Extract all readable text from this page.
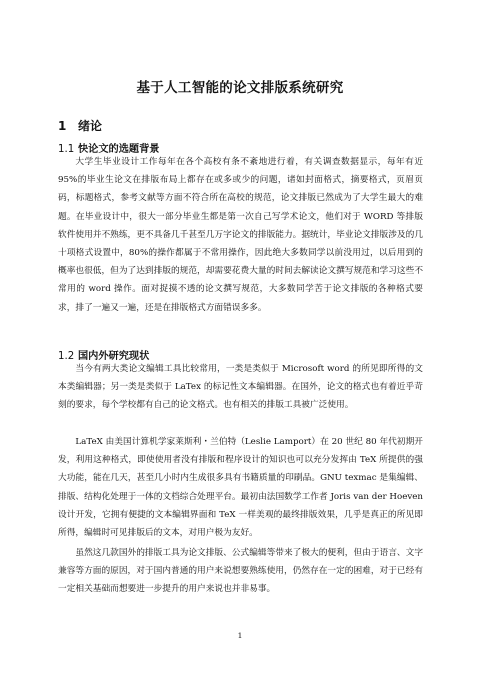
基于人工智能的论文排版系统研究
1 绪论
1.1 快论文的选题背景

大学生毕业设计工作每年在各个高校有条不紊地进行着，有关调查数据显示，每年有近 95%的毕业生论文在排版布局上都存在或多或少的问题，诸如封面格式，摘要格式，页眉页码，标题格式，参考文献等方面不符合所在高校的规范，论文排版已然成为了大学生最大的难题。在毕业设计中，很大一部分毕业生都是第一次自己写学术论文，他们对于 WORD 等排版软件使用并不熟练，更不具备几千甚至几万字论文的排版能力。据统计，毕业论文排版涉及的几十项格式设置中，80%的操作都属于不常用操作，因此绝大多数同学以前没用过，以后用到的概率也很低，但为了达到排版的规范，却需要花费大量的时间去解读论文撰写规范和学习这些不常用的 word 操作。面对捉摸不透的论文撰写规范，大多数同学苦于论文排版的各种格式要求，排了一遍又一遍，还是在排版格式方面错误多多。

1.2 国内外研究现状

当今有两大类论文编辑工具比较常用，一类是类似于 Microsoft word 的所见即所得的文本类编辑器；另一类是类似于 LaTex 的标记性文本编辑器。在国外，论文的格式也有着近乎苛刻的要求，每个学校都有自己的论文格式。也有相关的排版工具被广泛使用。

LaTeX 由美国计算机学家莱斯利・兰伯特（Leslie Lamport）在 20 世纪 80 年代初期开发，利用这种格式，即使使用者没有排版和程序设计的知识也可以充分发挥由 TeX 所提供的强大功能，能在几天，甚至几小时内生成很多具有书籍质量的印刷品。GNU texmac 是集编辑、排版、结构化处理于一体的文档综合处理平台。最初由法国数学工作者 Joris van der Hoeven 设计开发，它拥有便捷的文本编辑界面和 TeX 一样美观的最终排版效果，几乎是真正的所见即所得，编辑时可见排版后的文本，对用户极为友好。

虽然这几款国外的排版工具为论文排版、公式编辑等带来了极大的便利，但由于语言、文字兼容等方面的原因，对于国内普通的用户来说想要熟练使用，仍然存在一定的困难，对于已经有一定相关基础而想要进一步提升的用户来说也并非易事。

1
